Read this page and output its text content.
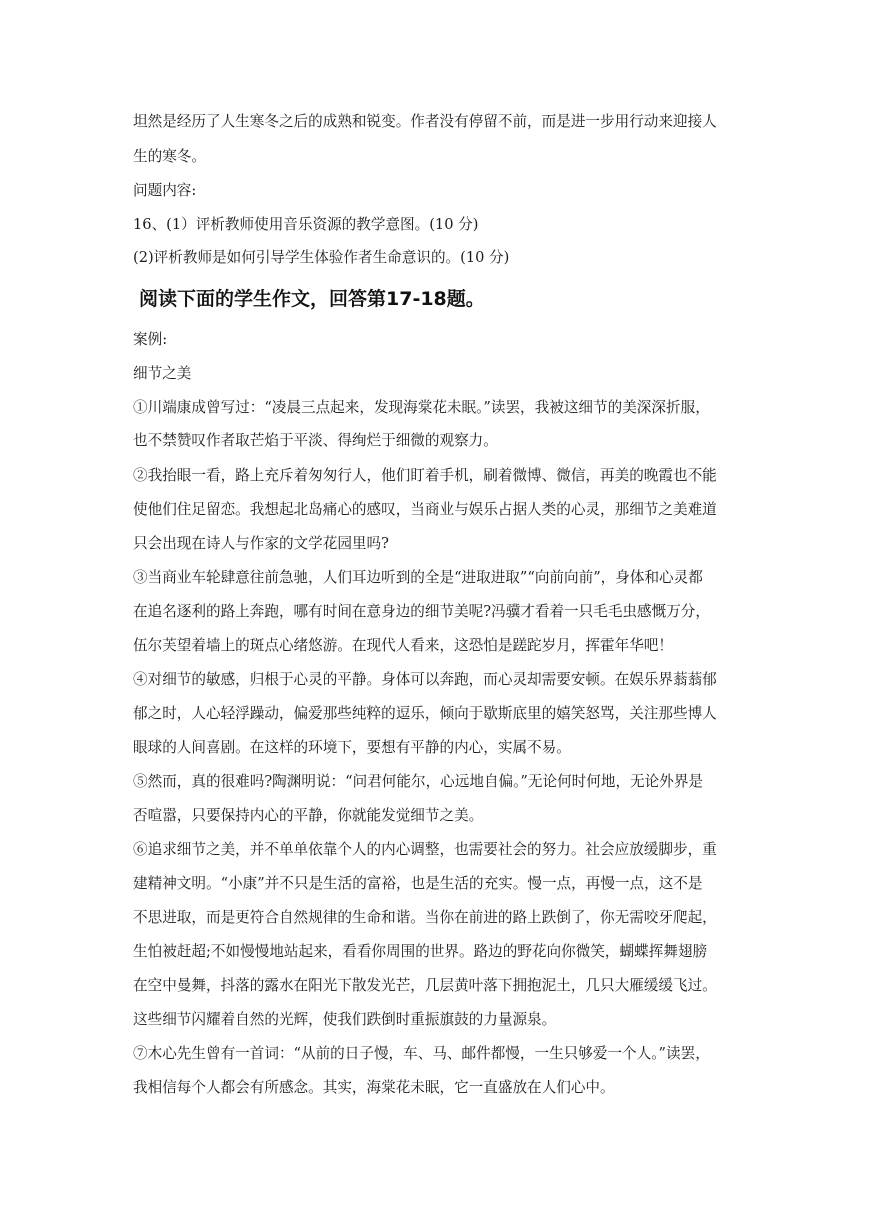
坦然是经历了人生寒冬之后的成熟和锐变。作者没有停留不前，而是进一步用行动来迎接人
生的寒冬。
问题内容:
16、(1）评析教师使用音乐资源的教学意图。(10 分)
(2)评析教师是如何引导学生体验作者生命意识的。(10 分)
阅读下面的学生作文，回答第17-18题。
案例:
细节之美
①川端康成曾写过：“凌晨三点起来，发现海棠花未眠。”读罢，我被这细节的美深深折服，
也不禁赞叹作者取芒焰于平淡、得绚烂于细微的观察力。
②我抬眼一看，路上充斥着匆匆行人，他们盯着手机，刷着微博、微信，再美的晚霞也不能
使他们住足留恋。我想起北岛痛心的感叹，当商业与娱乐占据人类的心灵，那细节之美难道
只会出现在诗人与作家的文学花园里吗?
③当商业车轮肆意往前急驰，人们耳边听到的全是“进取进取”“向前向前”，身体和心灵都
在追名逐利的路上奔跑，哪有时间在意身边的细节美呢?冯骥才看着一只毛毛虫感慨万分，
伍尔芙望着墙上的斑点心绪悠游。在现代人看来，这恐怕是蹉跎岁月，挥霍年华吧！
④对细节的敏感，归根于心灵的平静。身体可以奔跑，而心灵却需要安顿。在娱乐界蓊蓊郁
郁之时，人心轻浮躁动，偏爱那些纯粹的逗乐，倾向于歇斯底里的嬉笑怒骂，关注那些博人
眼球的人间喜剧。在这样的环境下，要想有平静的内心，实属不易。
⑤然而，真的很难吗?陶渊明说：“问君何能尔，心远地自偏。”无论何时何地，无论外界是
否喧嚣，只要保持内心的平静，你就能发觉细节之美。
⑥追求细节之美，并不单单依靠个人的内心调整，也需要社会的努力。社会应放缓脚步，重
建精神文明。“小康”并不只是生活的富裕，也是生活的充实。慢一点，再慢一点，这不是
不思进取，而是更符合自然规律的生命和谐。当你在前进的路上跌倒了，你无需咬牙爬起，
生怕被赶超;不如慢慢地站起来，看看你周围的世界。路边的野花向你微笑，蝴蝶挥舞翅膀
在空中曼舞，抖落的露水在阳光下散发光芒，几层黄叶落下拥抱泥土，几只大雁缓缓飞过。
这些细节闪耀着自然的光辉，使我们跌倒时重振旗鼓的力量源泉。
⑦木心先生曾有一首词：“从前的日子慢，车、马、邮件都慢，一生只够爱一个人。”读罢，
我相信每个人都会有所感念。其实，海棠花未眠，它一直盛放在人们心中。
